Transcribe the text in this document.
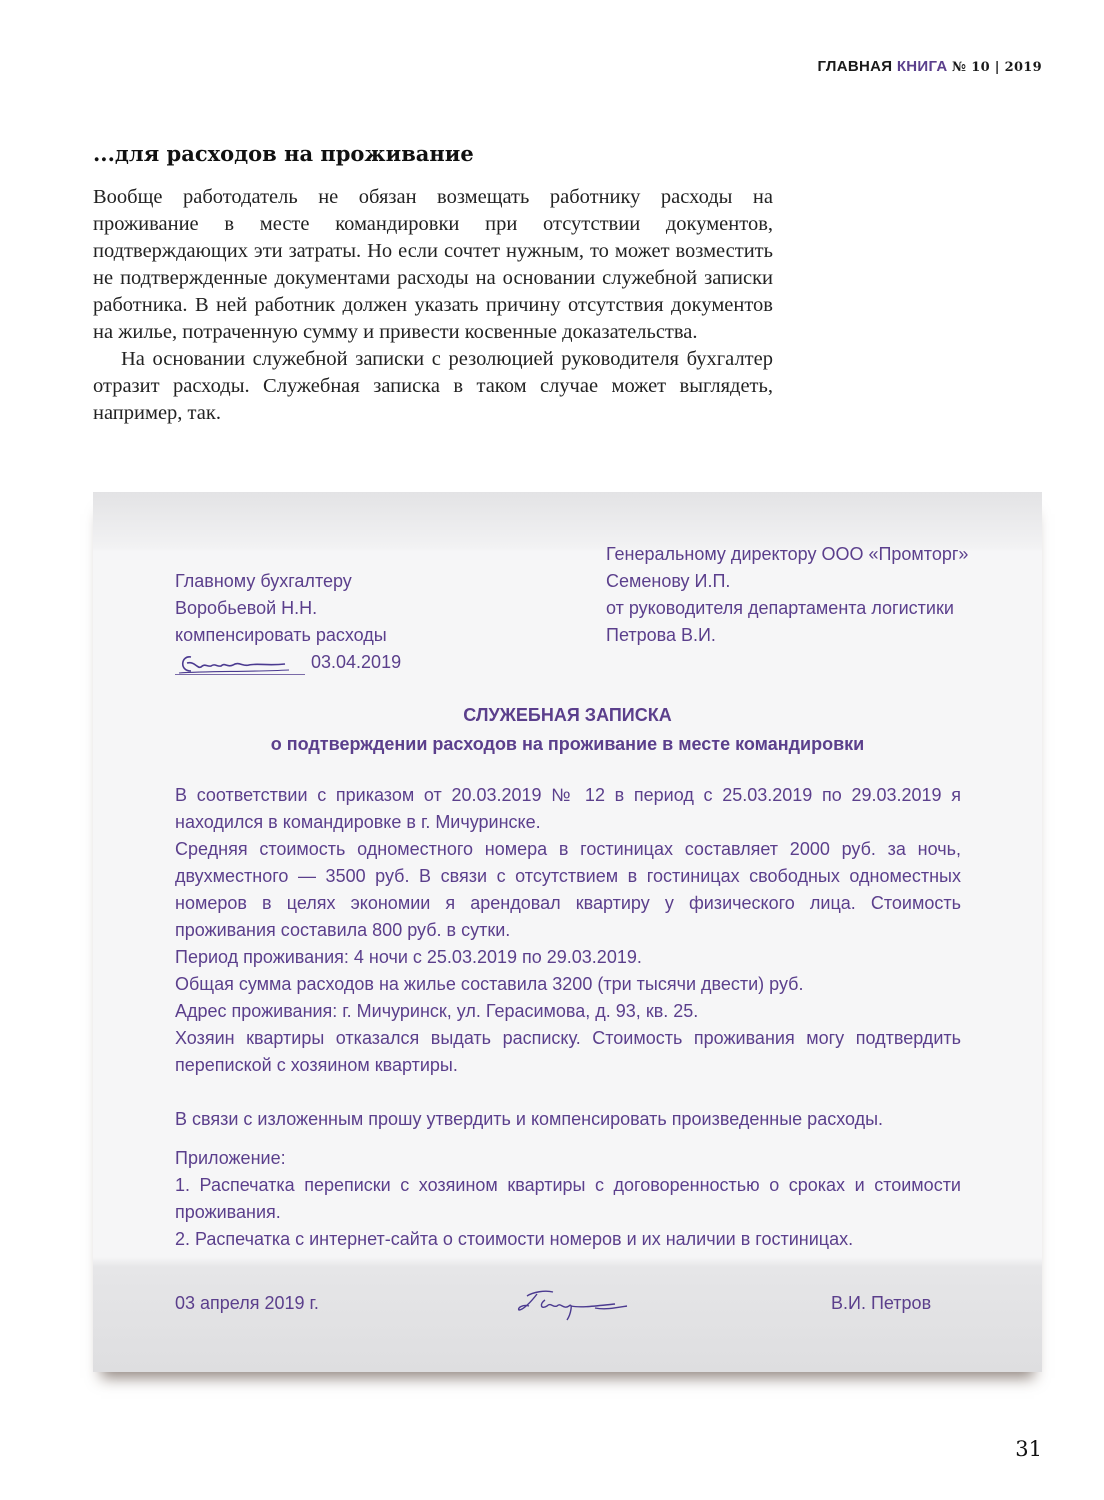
ГЛАВНАЯ КНИГА № 10 | 2019
...для расходов на проживание

Вообще работодатель не обязан возмещать работнику расходы на проживание в месте командировки при отсутствии документов, подтверждающих эти затраты. Но если сочтет нужным, то может возместить не подтвержденные документами расходы на основании служебной записки работника. В ней работник должен указать причину отсутствия документов на жилье, потраченную сумму и привести косвенные доказательства.

На основании служебной записки с резолюцией руководителя бухгалтер отразит расходы. Служебная записка в таком случае может выглядеть, например, так.

Главному бухгалтеру
Воробьевой Н.Н.
компенсировать расходы
03.04.2019
Генеральному директору ООО «Промторг»
Семенову И.П.
от руководителя департамента логистики
Петрова В.И.
СЛУЖЕБНАЯ ЗАПИСКА
о подтверждении расходов на проживание в месте командировки

В соответствии с приказом от 20.03.2019 № 12 в период с 25.03.2019 по 29.03.2019 я находился в командировке в г. Мичуринске.

Средняя стоимость одноместного номера в гостиницах составляет 2000 руб. за ночь, двухместного — 3500 руб. В связи с отсутствием в гостиницах свободных одноместных номеров в целях экономии я арендовал квартиру у физического лица. Стоимость проживания составила 800 руб. в сутки.

Период проживания: 4 ночи с 25.03.2019 по 29.03.2019.

Общая сумма расходов на жилье составила 3200 (три тысячи двести) руб.

Адрес проживания: г. Мичуринск, ул. Герасимова, д. 93, кв. 25.

Хозяин квартиры отказался выдать расписку. Стоимость проживания могу подтвердить перепиской с хозяином квартиры.

В связи с изложенным прошу утвердить и компенсировать произведенные расходы.

Приложение:

1. Распечатка переписки с хозяином квартиры с договоренностью о сроках и стоимости проживания.

2. Распечатка с интернет-сайта о стоимости номеров и их наличии в гостиницах.

03 апреля 2019 г.	В.И. Петров
31
